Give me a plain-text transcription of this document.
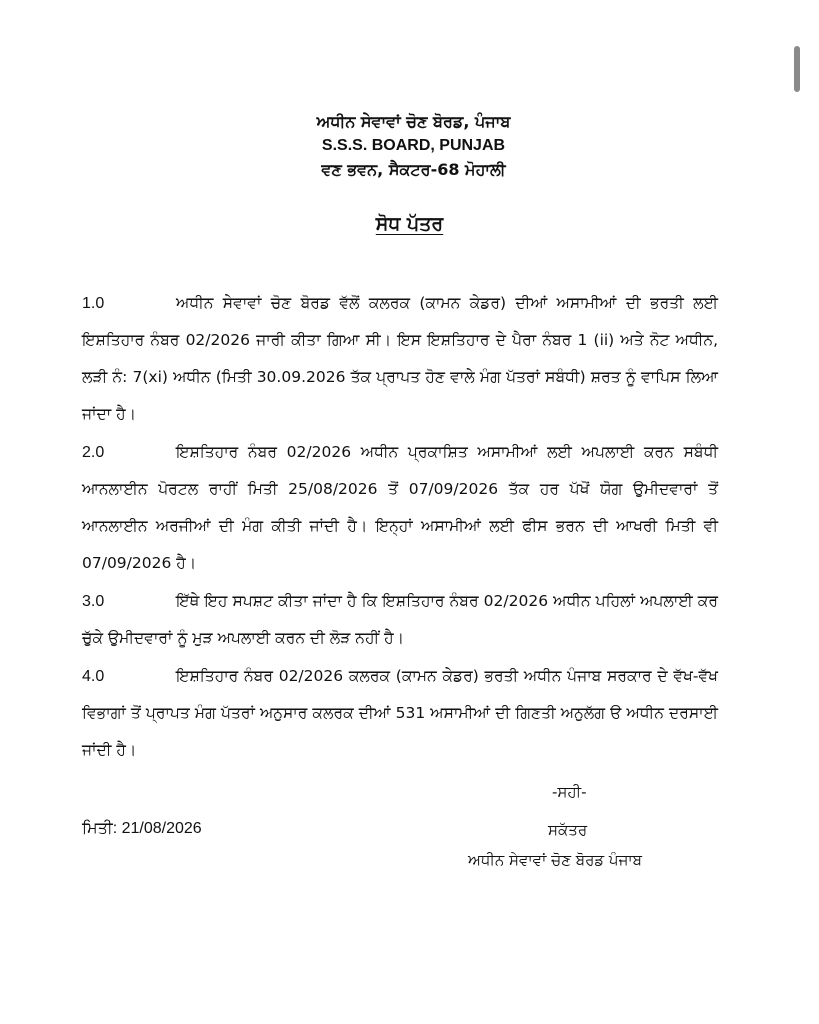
ਅਧੀਨ ਸੇਵਾਵਾਂ ਚੋਣ ਬੋਰਡ, ਪੰਜਾਬ
S.S.S. BOARD, PUNJAB
ਵਣ ਭਵਨ, ਸੈਕਟਰ-68 ਮੋਹਾਲੀ
ਸੋਧ ਪੱਤਰ
1.0	ਅਧੀਨ ਸੇਵਾਵਾਂ ਚੋਣ ਬੋਰਡ ਵੱਲੋਂ ਕਲਰਕ (ਕਾਮਨ ਕੇਡਰ) ਦੀਆਂ ਅਸਾਮੀਆਂ ਦੀ ਭਰਤੀ ਲਈ ਇਸ਼ਤਿਹਾਰ ਨੰਬਰ 02/2026 ਜਾਰੀ ਕੀਤਾ ਗਿਆ ਸੀ। ਇਸ ਇਸ਼ਤਿਹਾਰ ਦੇ ਪੈਰਾ ਨੰਬਰ 1 (ii) ਅਤੇ ਨੋਟ ਅਧੀਨ, ਲੜੀ ਨੰ: 7(xi) ਅਧੀਨ (ਮਿਤੀ 30.09.2026 ਤੱਕ ਪ੍ਰਾਪਤ ਹੋਣ ਵਾਲੇ ਮੰਗ ਪੱਤਰਾਂ ਸਬੰਧੀ) ਸ਼ਰਤ ਨੂੰ ਵਾਪਿਸ ਲਿਆ ਜਾਂਦਾ ਹੈ।
2.0	ਇਸ਼ਤਿਹਾਰ ਨੰਬਰ 02/2026 ਅਧੀਨ ਪ੍ਰਕਾਸ਼ਿਤ ਅਸਾਮੀਆਂ ਲਈ ਅਪਲਾਈ ਕਰਨ ਸਬੰਧੀ ਆਨਲਾਈਨ ਪੋਰਟਲ ਰਾਹੀਂ ਮਿਤੀ 25/08/2026 ਤੋਂ 07/09/2026 ਤੱਕ ਹਰ ਪੱਖੋਂ ਯੋਗ ਉਮੀਦਵਾਰਾਂ ਤੋਂ ਆਨਲਾਈਨ ਅਰਜੀਆਂ ਦੀ ਮੰਗ ਕੀਤੀ ਜਾਂਦੀ ਹੈ। ਇਨ੍ਹਾਂ ਅਸਾਮੀਆਂ ਲਈ ਫੀਸ ਭਰਨ ਦੀ ਆਖਰੀ ਮਿਤੀ ਵੀ 07/09/2026 ਹੈ।
3.0	ਇੱਥੇ ਇਹ ਸਪਸ਼ਟ ਕੀਤਾ ਜਾਂਦਾ ਹੈ ਕਿ ਇਸ਼ਤਿਹਾਰ ਨੰਬਰ 02/2026 ਅਧੀਨ ਪਹਿਲਾਂ ਅਪਲਾਈ ਕਰ ਚੁੱਕੇ ਉਮੀਦਵਾਰਾਂ ਨੂੰ ਮੁੜ ਅਪਲਾਈ ਕਰਨ ਦੀ ਲੋੜ ਨਹੀਂ ਹੈ।
4.0	ਇਸ਼ਤਿਹਾਰ ਨੰਬਰ 02/2026 ਕਲਰਕ (ਕਾਮਨ ਕੇਡਰ) ਭਰਤੀ ਅਧੀਨ ਪੰਜਾਬ ਸਰਕਾਰ ਦੇ ਵੱਖ-ਵੱਖ ਵਿਭਾਗਾਂ ਤੋਂ ਪ੍ਰਾਪਤ ਮੰਗ ਪੱਤਰਾਂ ਅਨੁਸਾਰ ਕਲਰਕ ਦੀਆਂ 531 ਅਸਾਮੀਆਂ ਦੀ ਗਿਣਤੀ ਅਨੁਲੱਗ ੳ ਅਧੀਨ ਦਰਸਾਈ ਜਾਂਦੀ ਹੈ।
-ਸਹੀ-
ਮਿਤੀ: 21/08/2026	ਸਕੱਤਰ
ਅਧੀਨ ਸੇਵਾਵਾਂ ਚੋਣ ਬੋਰਡ ਪੰਜਾਬ
